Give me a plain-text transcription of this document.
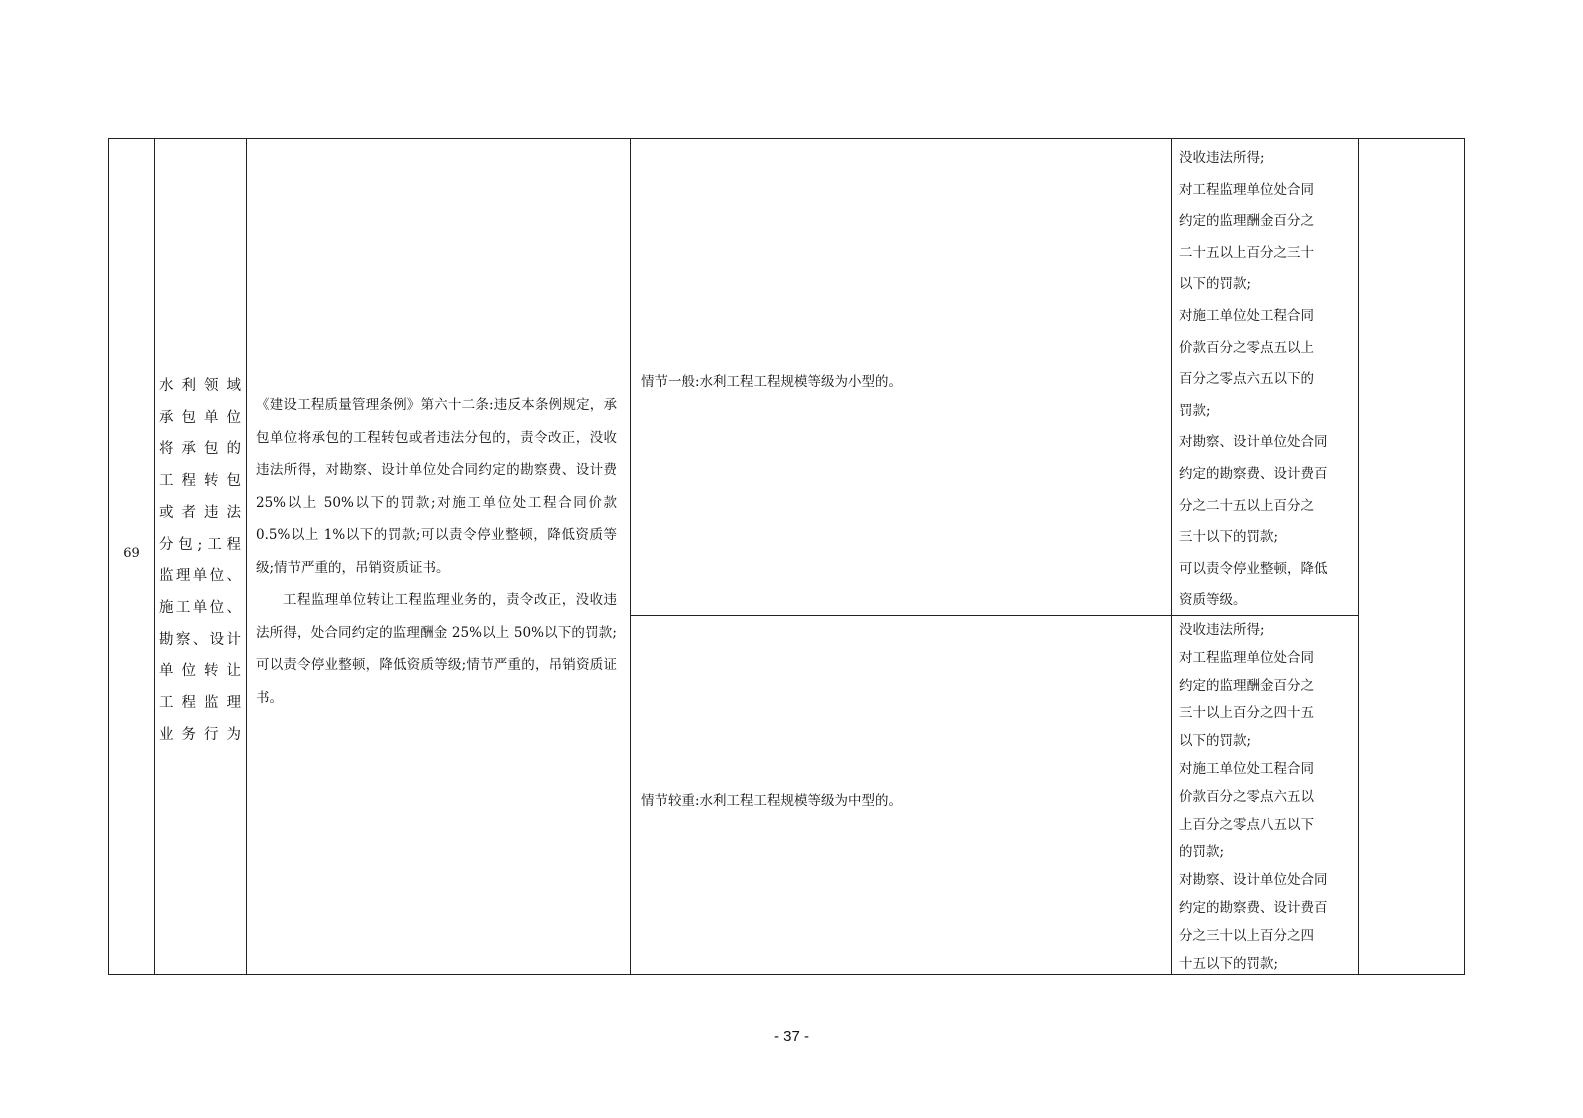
69
水利领域
承包单位
将承包的
工程转包
或者违法
分包;工程
监理单位、
施工单位、
勘察、设计
单位转让
工程监理
业务行为

《建设工程质量管理条例》第六十二条:违反本条例规定，承包单位将承包的工程转包或者违法分包的，责令改正，没收违法所得，对勘察、设计单位处合同约定的勘察费、设计费 25%以上 50%以下的罚款;对施工单位处工程合同价款 0.5%以上 1%以下的罚款;可以责令停业整顿，降低资质等级;情节严重的，吊销资质证书。

工程监理单位转让工程监理业务的，责令改正，没收违法所得，处合同约定的监理酬金 25%以上 50%以下的罚款;可以责令停业整顿，降低资质等级;情节严重的，吊销资质证书。

情节一般:水利工程工程规模等级为小型的。
情节较重:水利工程工程规模等级为中型的。
没收违法所得;
对工程监理单位处合同
约定的监理酬金百分之
二十五以上百分之三十
以下的罚款;
对施工单位处工程合同
价款百分之零点五以上
百分之零点六五以下的
罚款;
对勘察、设计单位处合同
约定的勘察费、设计费百
分之二十五以上百分之
三十以下的罚款;
可以责令停业整顿，降低
资质等级。
没收违法所得;
对工程监理单位处合同
约定的监理酬金百分之
三十以上百分之四十五
以下的罚款;
对施工单位处工程合同
价款百分之零点六五以
上百分之零点八五以下
的罚款;
对勘察、设计单位处合同
约定的勘察费、设计费百
分之三十以上百分之四
十五以下的罚款;
- 37 -
